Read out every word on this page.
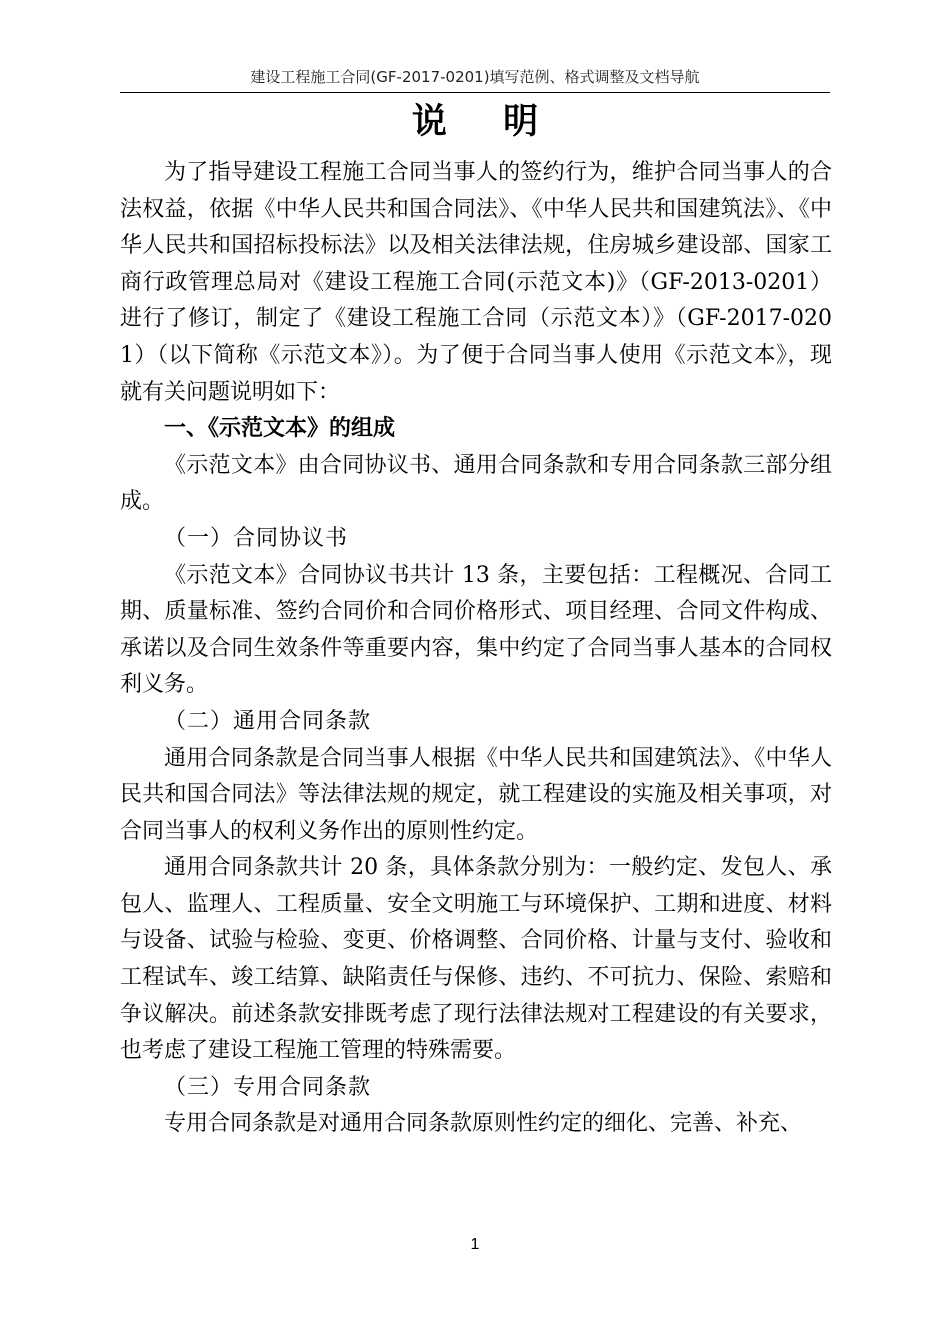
建设工程施工合同(GF-2017-0201)填写范例、格式调整及文档导航
说 明

为了指导建设工程施工合同当事人的签约行为，维护合同当事人的合法权益，依据《中华人民共和国合同法》、《中华人民共和国建筑法》、《中华人民共和国招标投标法》以及相关法律法规，住房城乡建设部、国家工商行政管理总局对《建设工程施工合同(示范文本)》（GF-2013-0201）进行了修订，制定了《建设工程施工合同（示范文本）》（GF-2017-0201）（以下简称《示范文本》）。为了便于合同当事人使用《示范文本》，现就有关问题说明如下：

一、《示范文本》的组成

《示范文本》由合同协议书、通用合同条款和专用合同条款三部分组成。

（一）合同协议书

《示范文本》合同协议书共计 13 条，主要包括：工程概况、合同工期、质量标准、签约合同价和合同价格形式、项目经理、合同文件构成、承诺以及合同生效条件等重要内容，集中约定了合同当事人基本的合同权利义务。

（二）通用合同条款

通用合同条款是合同当事人根据《中华人民共和国建筑法》、《中华人民共和国合同法》等法律法规的规定，就工程建设的实施及相关事项，对合同当事人的权利义务作出的原则性约定。

通用合同条款共计 20 条，具体条款分别为：一般约定、发包人、承包人、监理人、工程质量、安全文明施工与环境保护、工期和进度、材料与设备、试验与检验、变更、价格调整、合同价格、计量与支付、验收和工程试车、竣工结算、缺陷责任与保修、违约、不可抗力、保险、索赔和争议解决。前述条款安排既考虑了现行法律法规对工程建设的有关要求，也考虑了建设工程施工管理的特殊需要。

（三）专用合同条款

专用合同条款是对通用合同条款原则性约定的细化、完善、补充、

1
